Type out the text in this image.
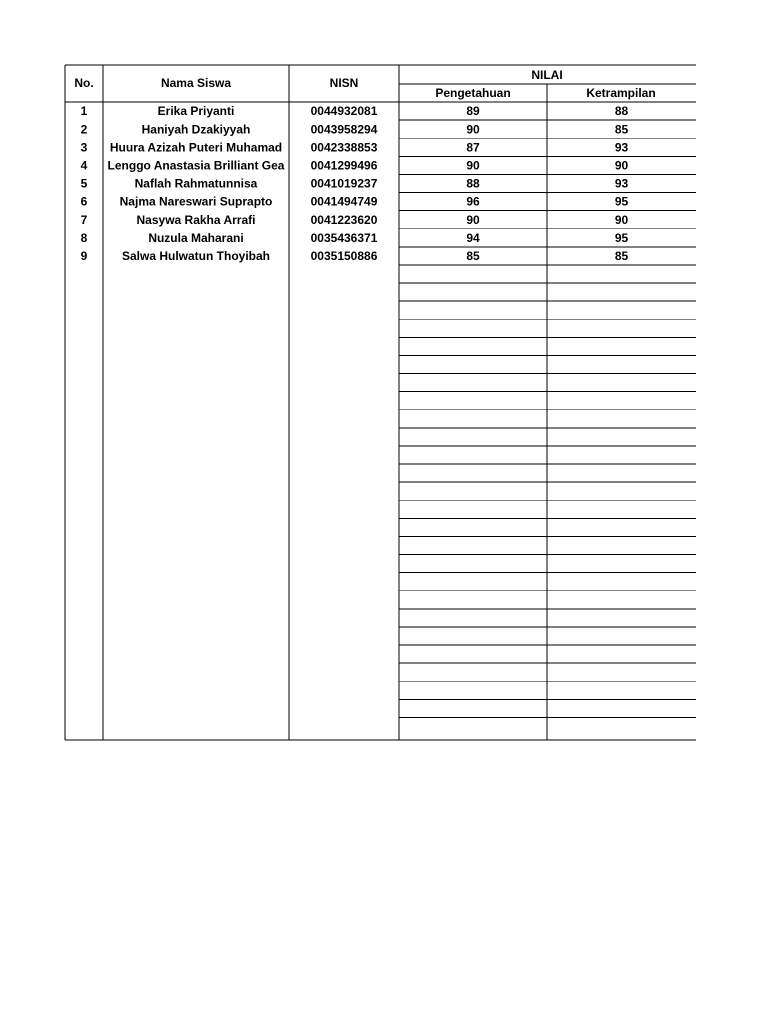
No.	Nama Siswa	NISN
NILAI
Pengetahuan	Ketrampilan
1	Erika Priyanti	0044932081	89	88
2	Haniyah Dzakiyyah	0043958294	90	85
3 Huura Azizah Puteri Muhamad 0042338853	87	93
4 Lenggo Anastasia Brilliant Gea 0041299496	90	90
5	Naflah Rahmatunnisa	0041019237	88	93
6	Najma Nareswari Suprapto	0041494749	96	95
7	Nasywa Rakha Arrafi	0041223620	90	90
8	Nuzula Maharani	0035436371	94	95
9	Salwa Hulwatun Thoyibah	0035150886	85	85
